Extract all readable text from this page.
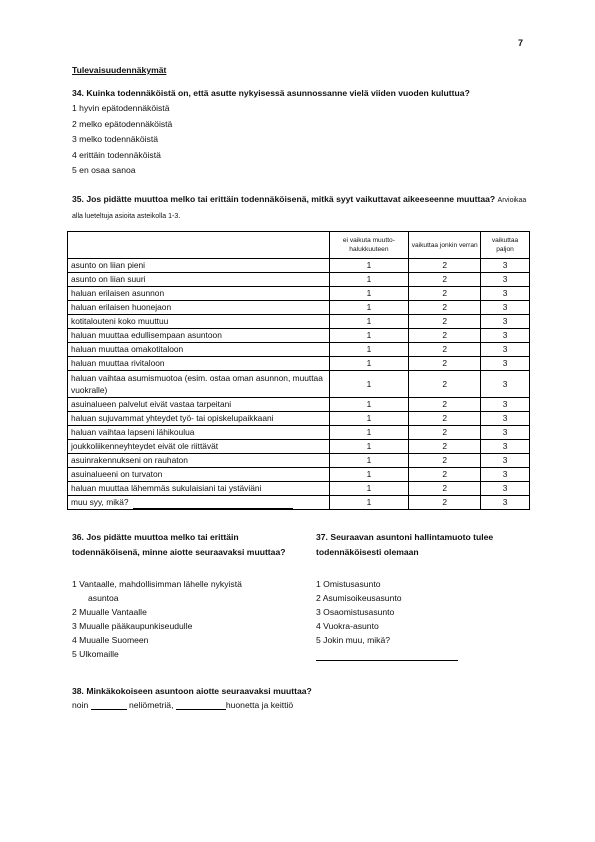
7
Tulevaisuudennäkymät
34. Kuinka todennäköistä on, että asutte nykyisessä asunnossanne vielä viiden vuoden kuluttua?
1 hyvin epätodennäköistä
2 melko epätodennäköistä
3 melko todennäköistä
4 erittäin todennäköistä
5 en osaa sanoa
35. Jos pidätte muuttoa melko tai erittäin todennäköisenä, mitkä syyt vaikuttavat aikeeseenne muuttaa? Arvioikaa alla lueteltuja asioita asteikolla 1-3.
	ei vaikuta muutto-halukkuuteen	vaikuttaa jonkin verran	vaikuttaa paljon
asunto on liian pieni	1	2	3
asunto on liian suuri	1	2	3
haluan erilaisen asunnon	1	2	3
haluan erilaisen huonejaon	1	2	3
kotitalouteni koko muuttuu	1	2	3
haluan muuttaa edullisempaan asuntoon	1	2	3
haluan muuttaa omakotitaloon	1	2	3
haluan muuttaa rivitaloon	1	2	3
haluan vaihtaa asumismuotoa (esim. ostaa oman asunnon, muuttaa vuokralle)	1	2	3
asuinalueen palvelut eivät vastaa tarpeitani	1	2	3
haluan sujuvammat yhteydet työ- tai opiskelupaikkaani	1	2	3
haluan vaihtaa lapseni lähikoulua	1	2	3
joukkoliikenneyhteydet eivät ole riittävät	1	2	3
asuinrakennukseni on rauhaton	1	2	3
asuinalueeni on turvaton	1	2	3
haluan muuttaa lähemmäs sukulaisiani tai ystäviäni	1	2	3
muu syy, mikä?	1	2	3
36. Jos pidätte muuttoa melko tai erittäin todennäköisenä, minne aiotte seuraavaksi muuttaa?
1 Vantaalle, mahdollisimman lähelle nykyistä
asuntoa
2 Muualle Vantaalle
3 Muualle pääkaupunkiseudulle
4 Muualle Suomeen
5 Ulkomaille
37. Seuraavan asuntoni hallintamuoto tulee todennäköisesti olemaan
1 Omistusasunto
2 Asumisoikeusasunto
3 Osaomistusasunto
4 Vuokra-asunto
5 Jokin muu, mikä?
38. Minkäkokoiseen asuntoon aiotte seuraavaksi muuttaa?
noin	neliömetriä,	huonetta ja keittiö
